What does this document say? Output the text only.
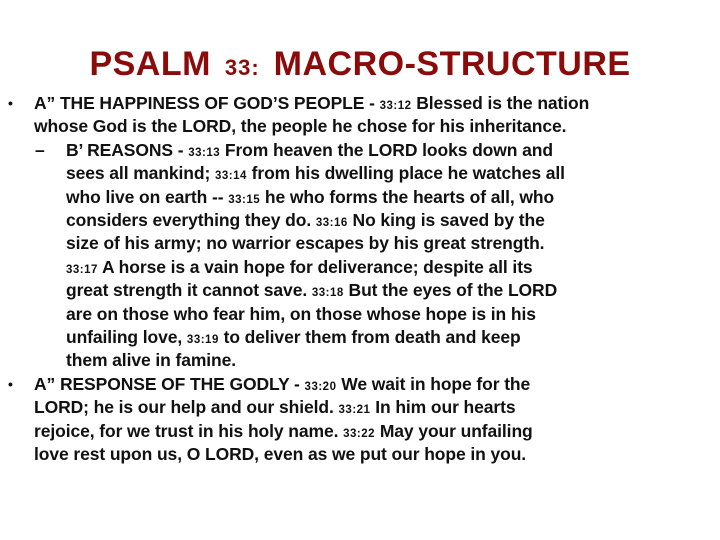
PSALM 33: MACRO-STRUCTURE
• A” THE HAPPINESS OF GOD’S PEOPLE - 33:12 Blessed is the nation
whose God is the LORD, the people he chose for his inheritance.
– B’ REASONS - 33:13 From heaven the LORD looks down and
sees all mankind; 33:14 from his dwelling place he watches all
who live on earth -- 33:15 he who forms the hearts of all, who
considers everything they do. 33:16 No king is saved by the
size of his army; no warrior escapes by his great strength.
33:17 A horse is a vain hope for deliverance; despite all its
great strength it cannot save. 33:18 But the eyes of the LORD
are on those who fear him, on those whose hope is in his
unfailing love, 33:19 to deliver them from death and keep
them alive in famine.
• A” RESPONSE OF THE GODLY - 33:20 We wait in hope for the
LORD; he is our help and our shield. 33:21 In him our hearts
rejoice, for we trust in his holy name. 33:22 May your unfailing
love rest upon us, O LORD, even as we put our hope in you.
